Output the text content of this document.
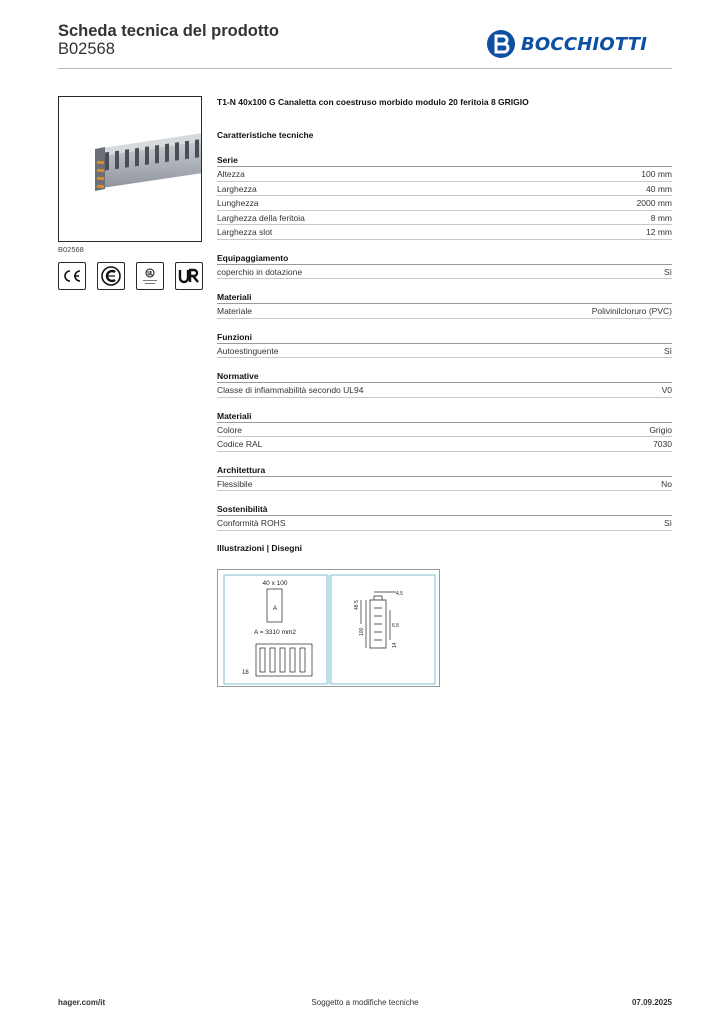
Scheda tecnica del prodotto
B02568	BOCCHIOTTI
B02568
T1-N 40x100 G Canaletta con coestruso morbido modulo 20 feritoia 8 GRIGIO
Caratteristiche tecniche
Serie
Altezza	100 mm
Larghezza	40 mm
Lunghezza	2000 mm
Larghezza della feritoia	8 mm
Larghezza slot	12 mm
Equipaggiamento
coperchio in dotazione	Sì
Materiali
Materiale	Polivinilcloruro (PVC)
Funzioni
Autoestinguente	Sì
Normative
Classe di infiammabilità secondo UL94	V0
Materiali
Colore	Grigio
Codice RAL	7030
Architettura
Flessibile	No
Sostenibilità
Conformità ROHS	Sì
Illustrazioni | Disegni
40 x 100
A
A = 3310 mm2
18
4.5
48.5
100
6.5
14
hager.com/it	Soggetto a modifiche tecniche	07.09.2025
